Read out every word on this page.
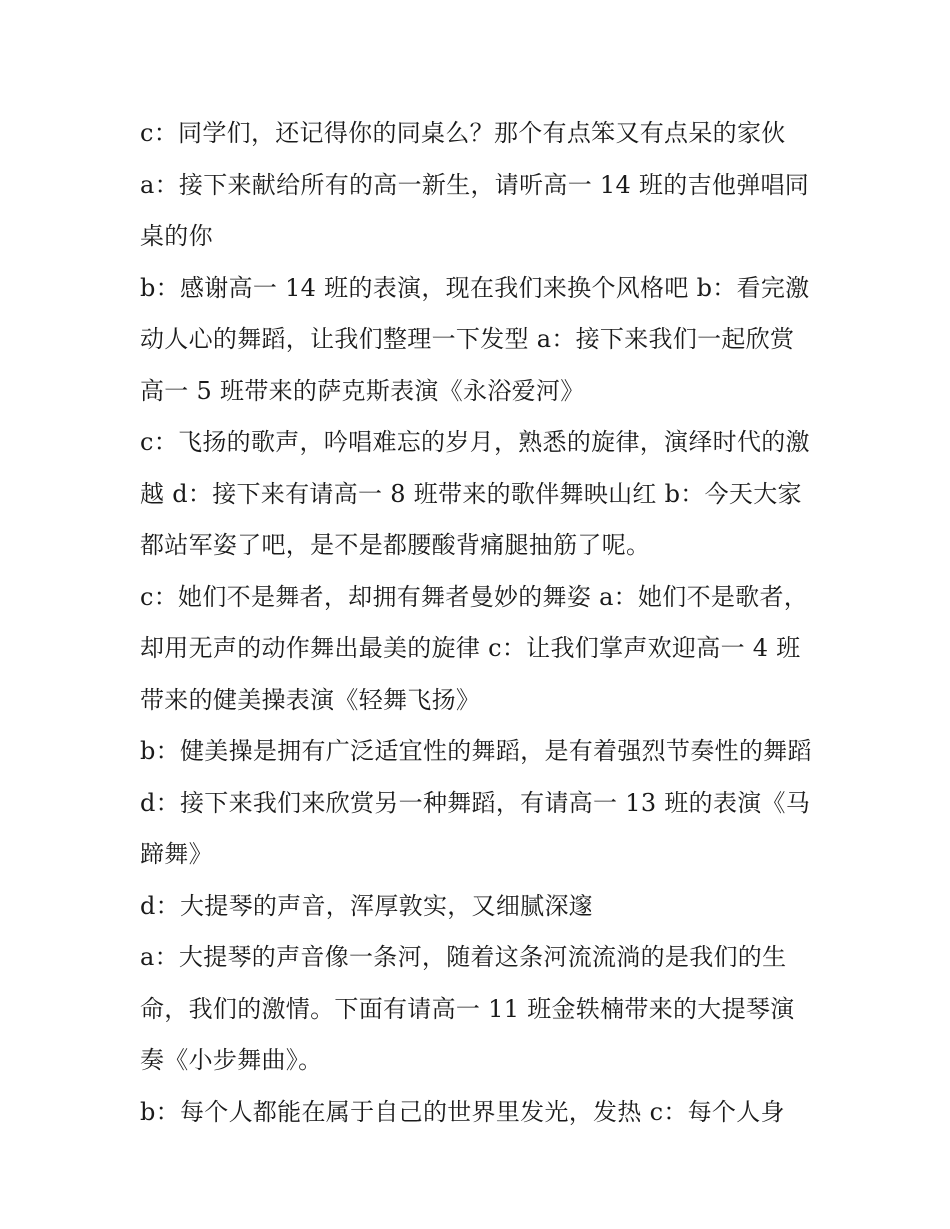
c：同学们，还记得你的同桌么？那个有点笨又有点呆的家伙

a：接下来献给所有的高一新生，请听高一 14 班的吉他弹唱同桌的你

b：感谢高一 14 班的表演，现在我们来换个风格吧 b：看完激动人心的舞蹈，让我们整理一下发型 a：接下来我们一起欣赏高一 5 班带来的萨克斯表演《永浴爱河》

c：飞扬的歌声，吟唱难忘的岁月，熟悉的旋律，演绎时代的激越 d：接下来有请高一 8 班带来的歌伴舞映山红 b：今天大家都站军姿了吧，是不是都腰酸背痛腿抽筋了呢。

c：她们不是舞者，却拥有舞者曼妙的舞姿 a：她们不是歌者，却用无声的动作舞出最美的旋律 c：让我们掌声欢迎高一 4 班带来的健美操表演《轻舞飞扬》

b：健美操是拥有广泛适宜性的舞蹈，是有着强烈节奏性的舞蹈 d：接下来我们来欣赏另一种舞蹈，有请高一 13 班的表演《马蹄舞》

d：大提琴的声音，浑厚敦实，又细腻深邃

a：大提琴的声音像一条河，随着这条河流流淌的是我们的生命，我们的激情。下面有请高一 11 班金轶楠带来的大提琴演奏《小步舞曲》。

b：每个人都能在属于自己的世界里发光，发热 c：每个人身
